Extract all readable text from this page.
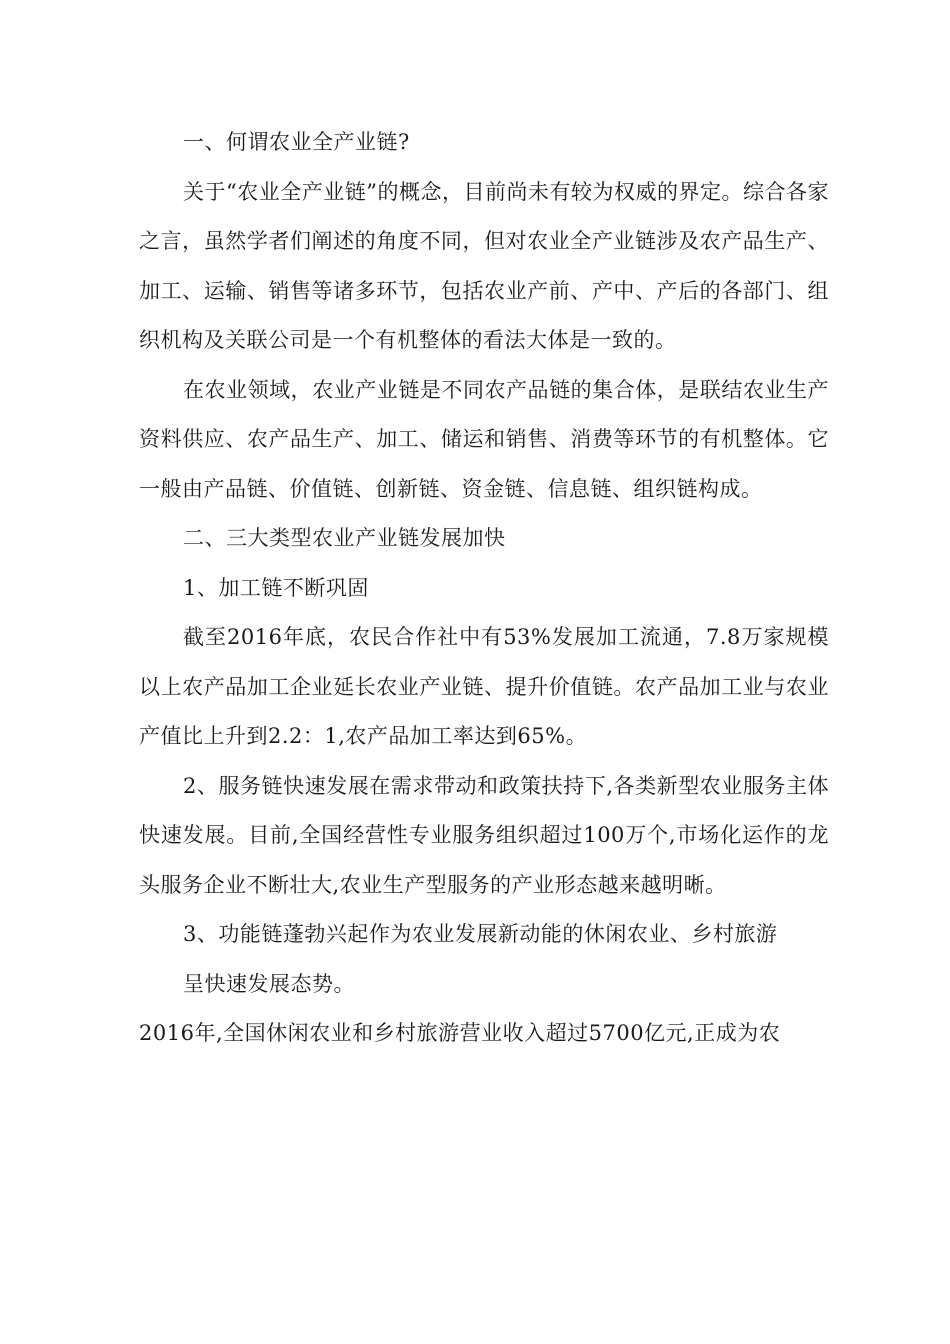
一、何谓农业全产业链?

关于“农业全产业链”的概念，目前尚未有较为权威的界定。综合各家之言，虽然学者们阐述的角度不同，但对农业全产业链涉及农产品生产、加工、运输、销售等诸多环节，包括农业产前、产中、产后的各部门、组织机构及关联公司是一个有机整体的看法大体是一致的。

在农业领域，农业产业链是不同农产品链的集合体，是联结农业生产资料供应、农产品生产、加工、储运和销售、消费等环节的有机整体。它一般由产品链、价值链、创新链、资金链、信息链、组织链构成。

二、三大类型农业产业链发展加快

1、加工链不断巩固

截至2016年底，农民合作社中有53%发展加工流通，7.8万家规模以上农产品加工企业延长农业产业链、提升价值链。农产品加工业与农业产值比上升到2.2：1,农产品加工率达到65%。

2、服务链快速发展在需求带动和政策扶持下,各类新型农业服务主体快速发展。目前,全国经营性专业服务组织超过100万个,市场化运作的龙头服务企业不断壮大,农业生产型服务的产业形态越来越明晰。

3、功能链蓬勃兴起作为农业发展新动能的休闲农业、乡村旅游

呈快速发展态势。

2016年,全国休闲农业和乡村旅游营业收入超过5700亿元,正成为农
